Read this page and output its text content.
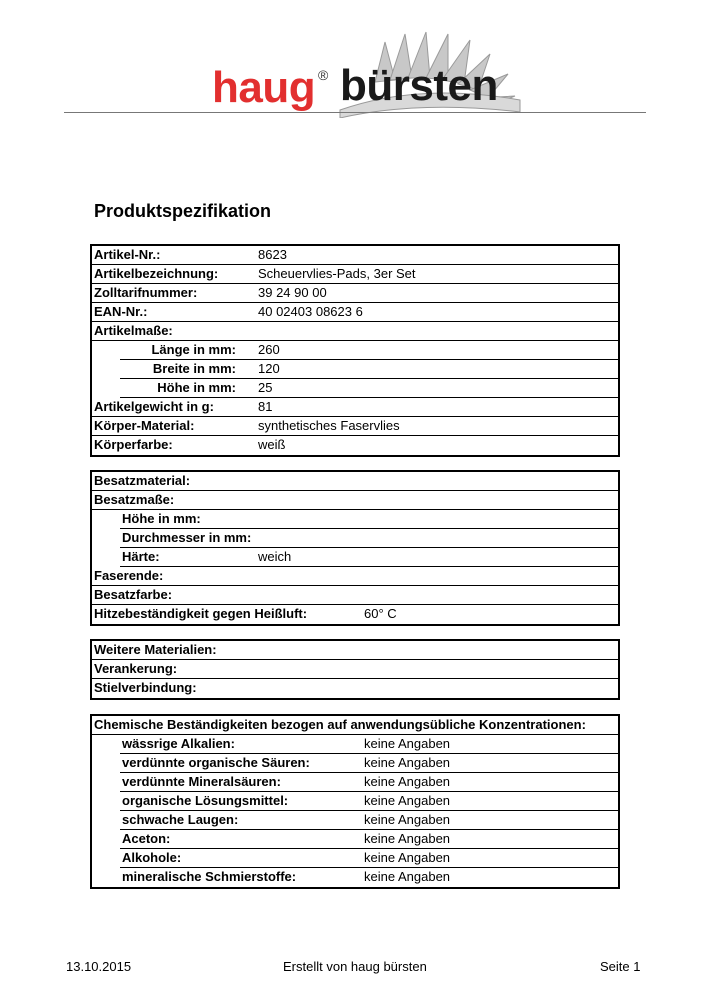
haug ® bürsten
Produktspezifikation
Artikel-Nr.:	8623
Artikelbezeichnung:	Scheuervlies-Pads, 3er Set
Zolltarifnummer:	39 24 90 00
EAN-Nr.:	40 02403 08623 6
Artikelmaße:
Länge in mm: 260
Breite in mm: 120
Höhe in mm: 25
Artikelgewicht in g:	81
Körper-Material:	synthetisches Faservlies
Körperfarbe:	weiß
Besatzmaterial:
Besatzmaße:
Höhe in mm:
Durchmesser in mm:
Härte:	weich
Faserende:
Besatzfarbe:
Hitzebeständigkeit gegen Heißluft:	60° C
Weitere Materialien:
Verankerung:
Stielverbindung:
Chemische Beständigkeiten bezogen auf anwendungsübliche Konzentrationen:
wässrige Alkalien:	keine Angaben
verdünnte organische Säuren:	keine Angaben
verdünnte Mineralsäuren:	keine Angaben
organische Lösungsmittel:	keine Angaben
schwache Laugen:	keine Angaben
Aceton:	keine Angaben
Alkohole:	keine Angaben
mineralische Schmierstoffe:	keine Angaben
13.10.2015	Erstellt von haug bürsten	Seite 1
